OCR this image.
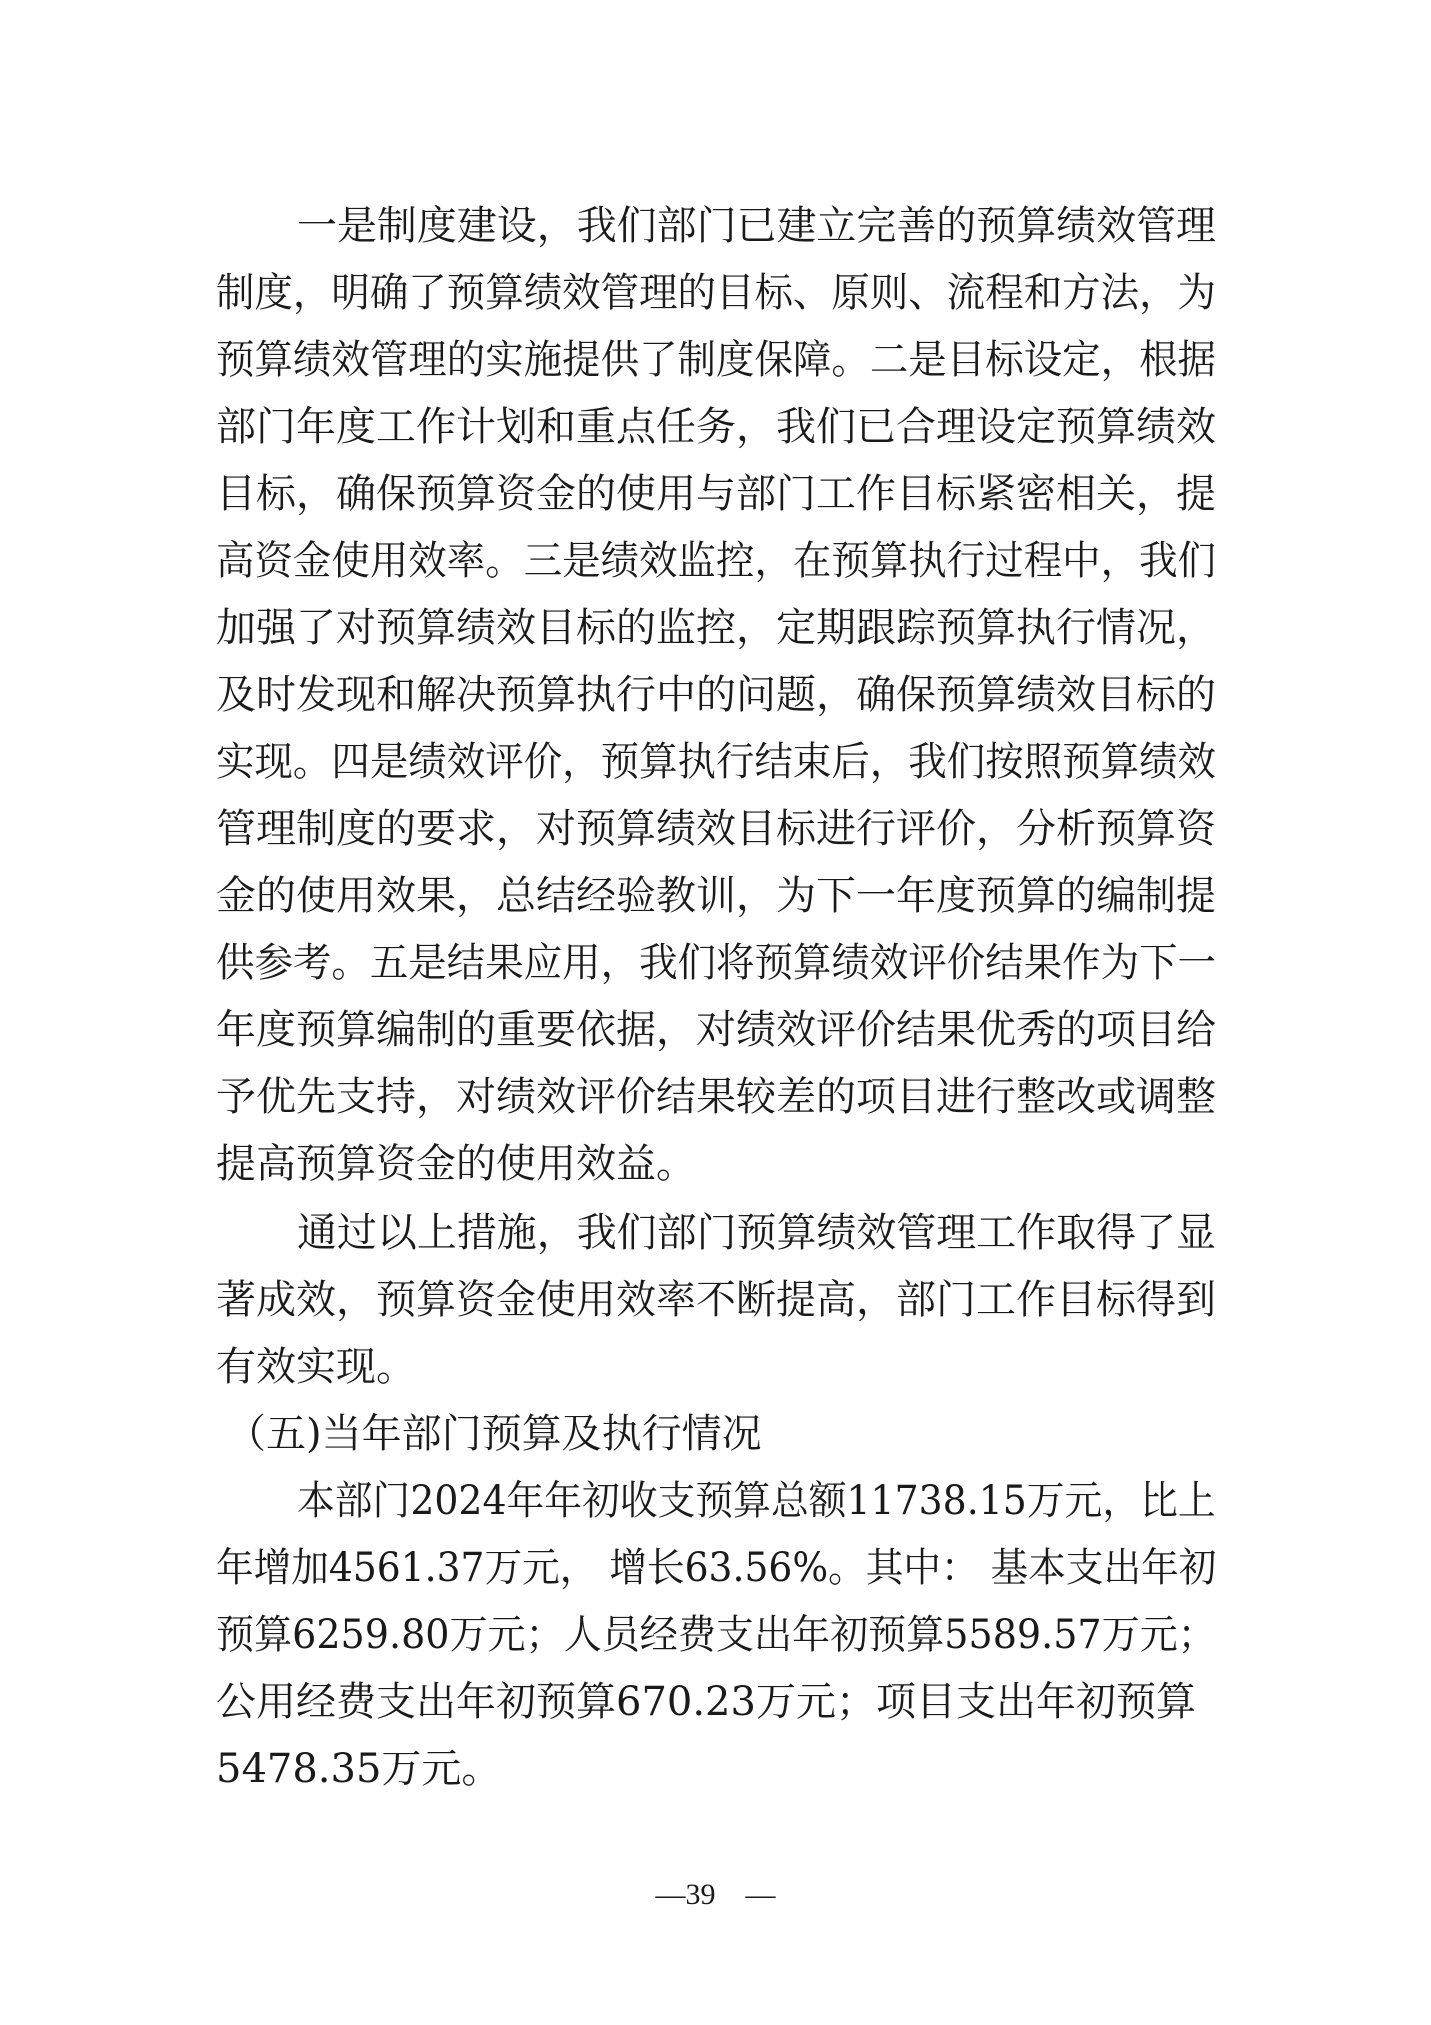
一是制度建设，我们部门已建立完善的预算绩效管理
制度，明确了预算绩效管理的目标、原则、流程和方法，为
预算绩效管理的实施提供了制度保障。二是目标设定，根据
部门年度工作计划和重点任务，我们已合理设定预算绩效
目标，确保预算资金的使用与部门工作目标紧密相关，提
高资金使用效率。三是绩效监控，在预算执行过程中，我们
加强了对预算绩效目标的监控，定期跟踪预算执行情况，
及时发现和解决预算执行中的问题，确保预算绩效目标的
实现。四是绩效评价，预算执行结束后，我们按照预算绩效
管理制度的要求，对预算绩效目标进行评价，分析预算资
金的使用效果，总结经验教训，为下一年度预算的编制提
供参考。五是结果应用，我们将预算绩效评价结果作为下一
年度预算编制的重要依据，对绩效评价结果优秀的项目给
予优先支持，对绩效评价结果较差的项目进行整改或调整
提高预算资金的使用效益。
通过以上措施，我们部门预算绩效管理工作取得了显
著成效，预算资金使用效率不断提高，部门工作目标得到
有效实现。
（五)当年部门预算及执行情况
本部门2024年年初收支预算总额11738.15万元，比上
年增加4561.37万元， 增长63.56%。其中： 基本支出年初
预算6259.80万元；人员经费支出年初预算5589.57万元；
公用经费支出年初预算670.23万元；项目支出年初预算
5478.35万元。
—39　—
